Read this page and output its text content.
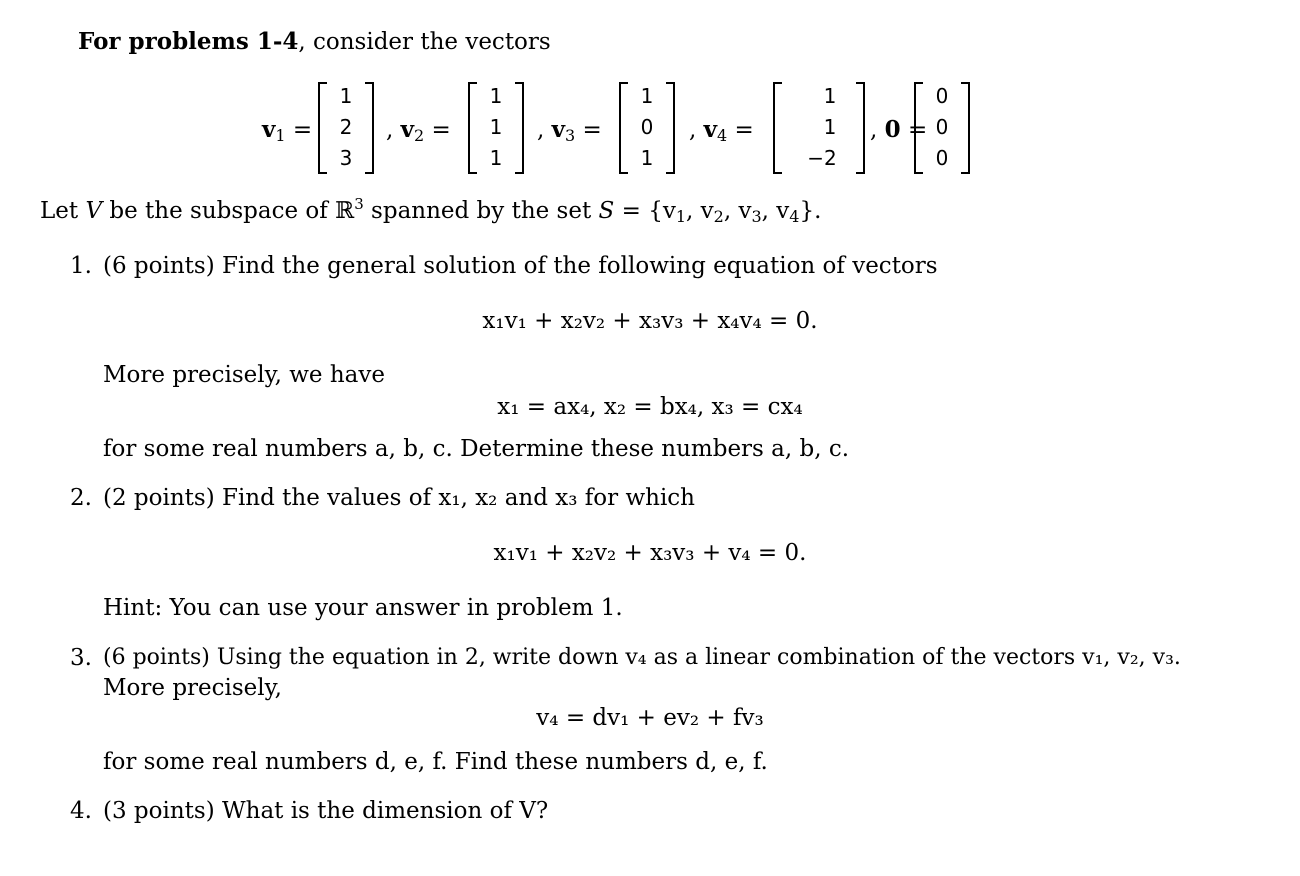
For problems 1-4, consider the vectors
$v_1$ =
1
2
3
, $v_2$ =
1
1
1
, $v_3$ =
1
0
1
, $v_4$ =
1
1
−2
, 0 =
0
0
0
Let V be the subspace of ℝ$^3$ spanned by the set $S = \{v_1$, $v_2$, $v_3$, $v_4$}.
1. (6 points) Find the general solution of the following equation of vectors
x₁v₁ + x₂v₂ + x₃v₃ + x₄v₄ = 0.
More precisely, we have
x₁ = ax₄, x₂ = bx₄, x₃ = cx₄
for some real numbers a, b, c. Determine these numbers a, b, c.
2. (2 points) Find the values of x₁, x₂ and x₃ for which
x₁v₁ + x₂v₂ + x₃v₃ + v₄ = 0.
Hint: You can use your answer in problem 1.
3. (6 points) Using the equation in 2, write down v₄ as a linear combination of the vectors v₁, v₂, v₃.
More precisely,
v₄ = dv₁ + ev₂ + fv₃
for some real numbers d, e, f. Find these numbers d, e, f.
4. (3 points) What is the dimension of V?
